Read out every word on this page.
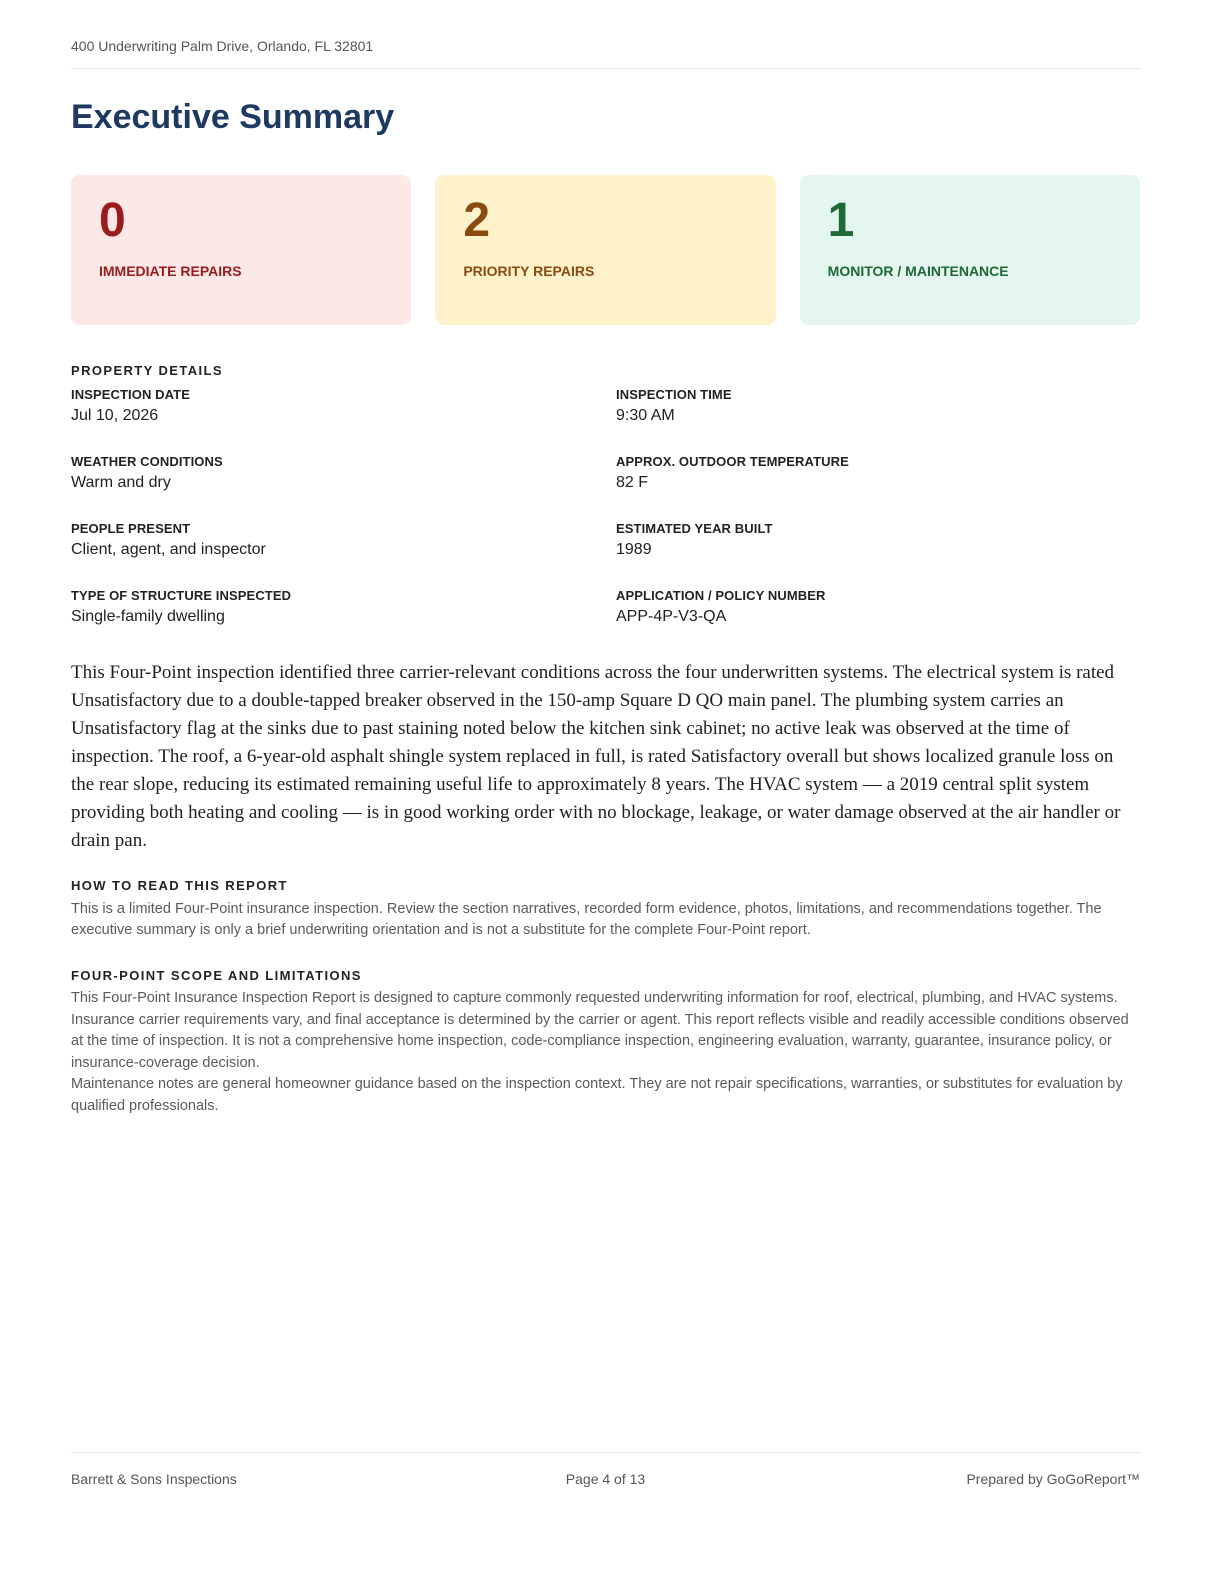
400 Underwriting Palm Drive, Orlando, FL 32801
Executive Summary
0
IMMEDIATE REPAIRS
2
PRIORITY REPAIRS
1
MONITOR / MAINTENANCE
PROPERTY DETAILS
INSPECTION DATE
Jul 10, 2026
INSPECTION TIME
9:30 AM
WEATHER CONDITIONS
Warm and dry
APPROX. OUTDOOR TEMPERATURE
82 F
PEOPLE PRESENT
Client, agent, and inspector
ESTIMATED YEAR BUILT
1989
TYPE OF STRUCTURE INSPECTED
Single-family dwelling
APPLICATION / POLICY NUMBER
APP-4P-V3-QA

This Four-Point inspection identified three carrier-relevant conditions across the four underwritten systems. The electrical system is rated Unsatisfactory due to a double-tapped breaker observed in the 150-amp Square D QO main panel. The plumbing system carries an Unsatisfactory flag at the sinks due to past staining noted below the kitchen sink cabinet; no active leak was observed at the time of inspection. The roof, a 6-year-old asphalt shingle system replaced in full, is rated Satisfactory overall but shows localized granule loss on the rear slope, reducing its estimated remaining useful life to approximately 8 years. The HVAC system — a 2019 central split system providing both heating and cooling — is in good working order with no blockage, leakage, or water damage observed at the air handler or drain pan.

HOW TO READ THIS REPORT

This is a limited Four-Point insurance inspection. Review the section narratives, recorded form evidence, photos, limitations, and recommendations together. The executive summary is only a brief underwriting orientation and is not a substitute for the complete Four-Point report.

FOUR-POINT SCOPE AND LIMITATIONS
This Four-Point Insurance Inspection Report is designed to capture commonly requested underwriting information for roof, electrical, plumbing, and HVAC systems. Insurance carrier requirements vary, and final acceptance is determined by the carrier or agent. This report reflects visible and readily accessible conditions observed at the time of inspection. It is not a comprehensive home inspection, code-compliance inspection, engineering evaluation, warranty, guarantee, insurance policy, or insurance-coverage decision.
Maintenance notes are general homeowner guidance based on the inspection context. They are not repair specifications, warranties, or substitutes for evaluation by qualified professionals.
Barrett & Sons Inspections	Page 4 of 13	Prepared by GoGoReport™
